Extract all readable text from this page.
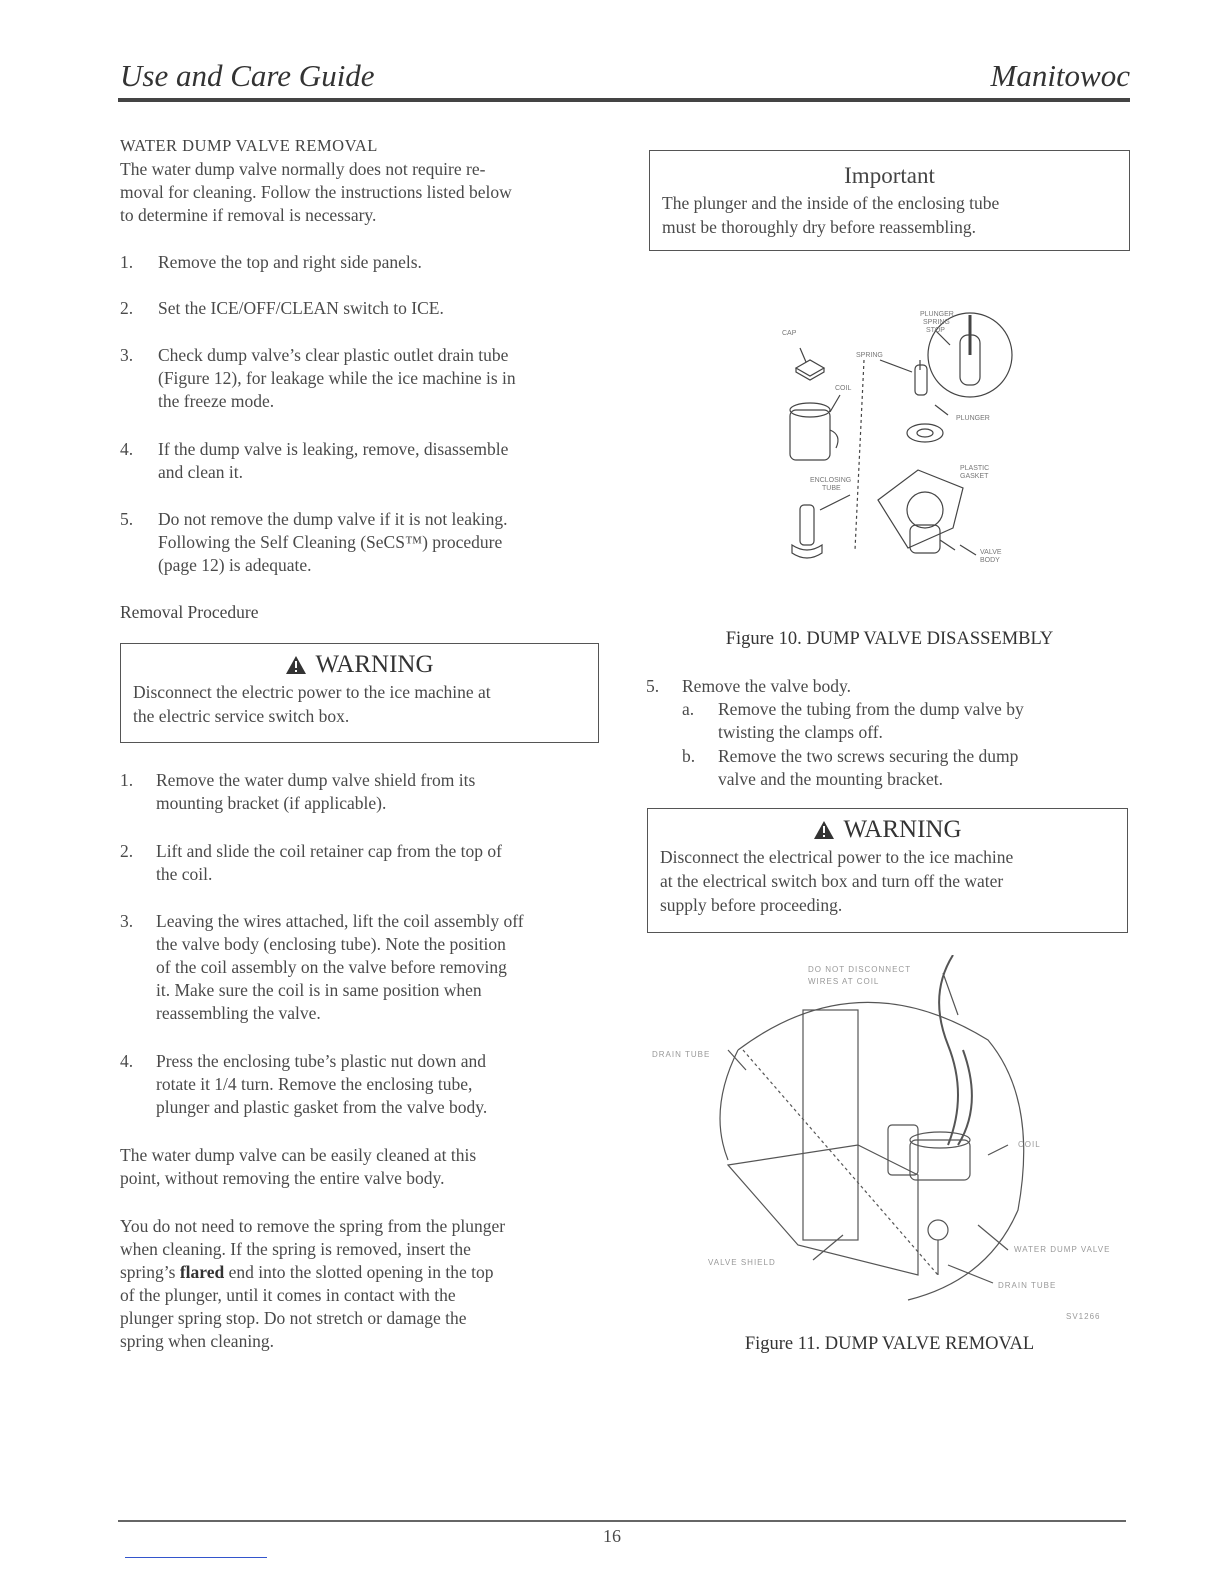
Use and Care Guide	Manitowoc
WATER DUMP VALVE REMOVAL
The water dump valve normally does not require re-
moval for cleaning. Follow the instructions listed below
to determine if removal is necessary.
1. Remove the top and right side panels.
2. Set the ICE/OFF/CLEAN switch to ICE.
3. Check dump valve’s clear plastic outlet drain tube
(Figure 12), for leakage while the ice machine is in
the freeze mode.
4. If the dump valve is leaking, remove, disassemble
and clean it.
5. Do not remove the dump valve if it is not leaking.
Following the Self Cleaning (SeCS™) procedure
(page 12) is adequate.
Removal Procedure
WARNING
Disconnect the electric power to the ice machine at
the electric service switch box.
1. Remove the water dump valve shield from its
mounting bracket (if applicable).
2. Lift and slide the coil retainer cap from the top of
the coil.
3. Leaving the wires attached, lift the coil assembly off
the valve body (enclosing tube). Note the position
of the coil assembly on the valve before removing
it. Make sure the coil is in same position when
reassembling the valve.
4. Press the enclosing tube’s plastic nut down and
rotate it 1/4 turn. Remove the enclosing tube,
plunger and plastic gasket from the valve body.
The water dump valve can be easily cleaned at this
point, without removing the entire valve body.
You do not need to remove the spring from the plunger
when cleaning. If the spring is removed, insert the
spring’s flared end into the slotted opening in the top
of the plunger, until it comes in contact with the
plunger spring stop. Do not stretch or damage the
spring when cleaning.
Important
The plunger and the inside of the enclosing tube
must be thoroughly dry before reassembling.
PLUNGER
SPRING
STOP
CAP
SPRING
COIL
PLUNGER
PLASTIC
GASKET
ENCLOSING
TUBE
VALVE
BODY
Figure 10. DUMP VALVE DISASSEMBLY
5. Remove the valve body.
a. Remove the tubing from the dump valve by
twisting the clamps off.
b. Remove the two screws securing the dump
valve and the mounting bracket.
WARNING
Disconnect the electrical power to the ice machine
at the electrical switch box and turn off the water
supply before proceeding.
DO NOT DISCONNECT
WIRES AT COIL
DRAIN TUBE
COIL
WATER DUMP VALVE
VALVE SHIELD
DRAIN TUBE
SV1266
Figure 11. DUMP VALVE REMOVAL
16
